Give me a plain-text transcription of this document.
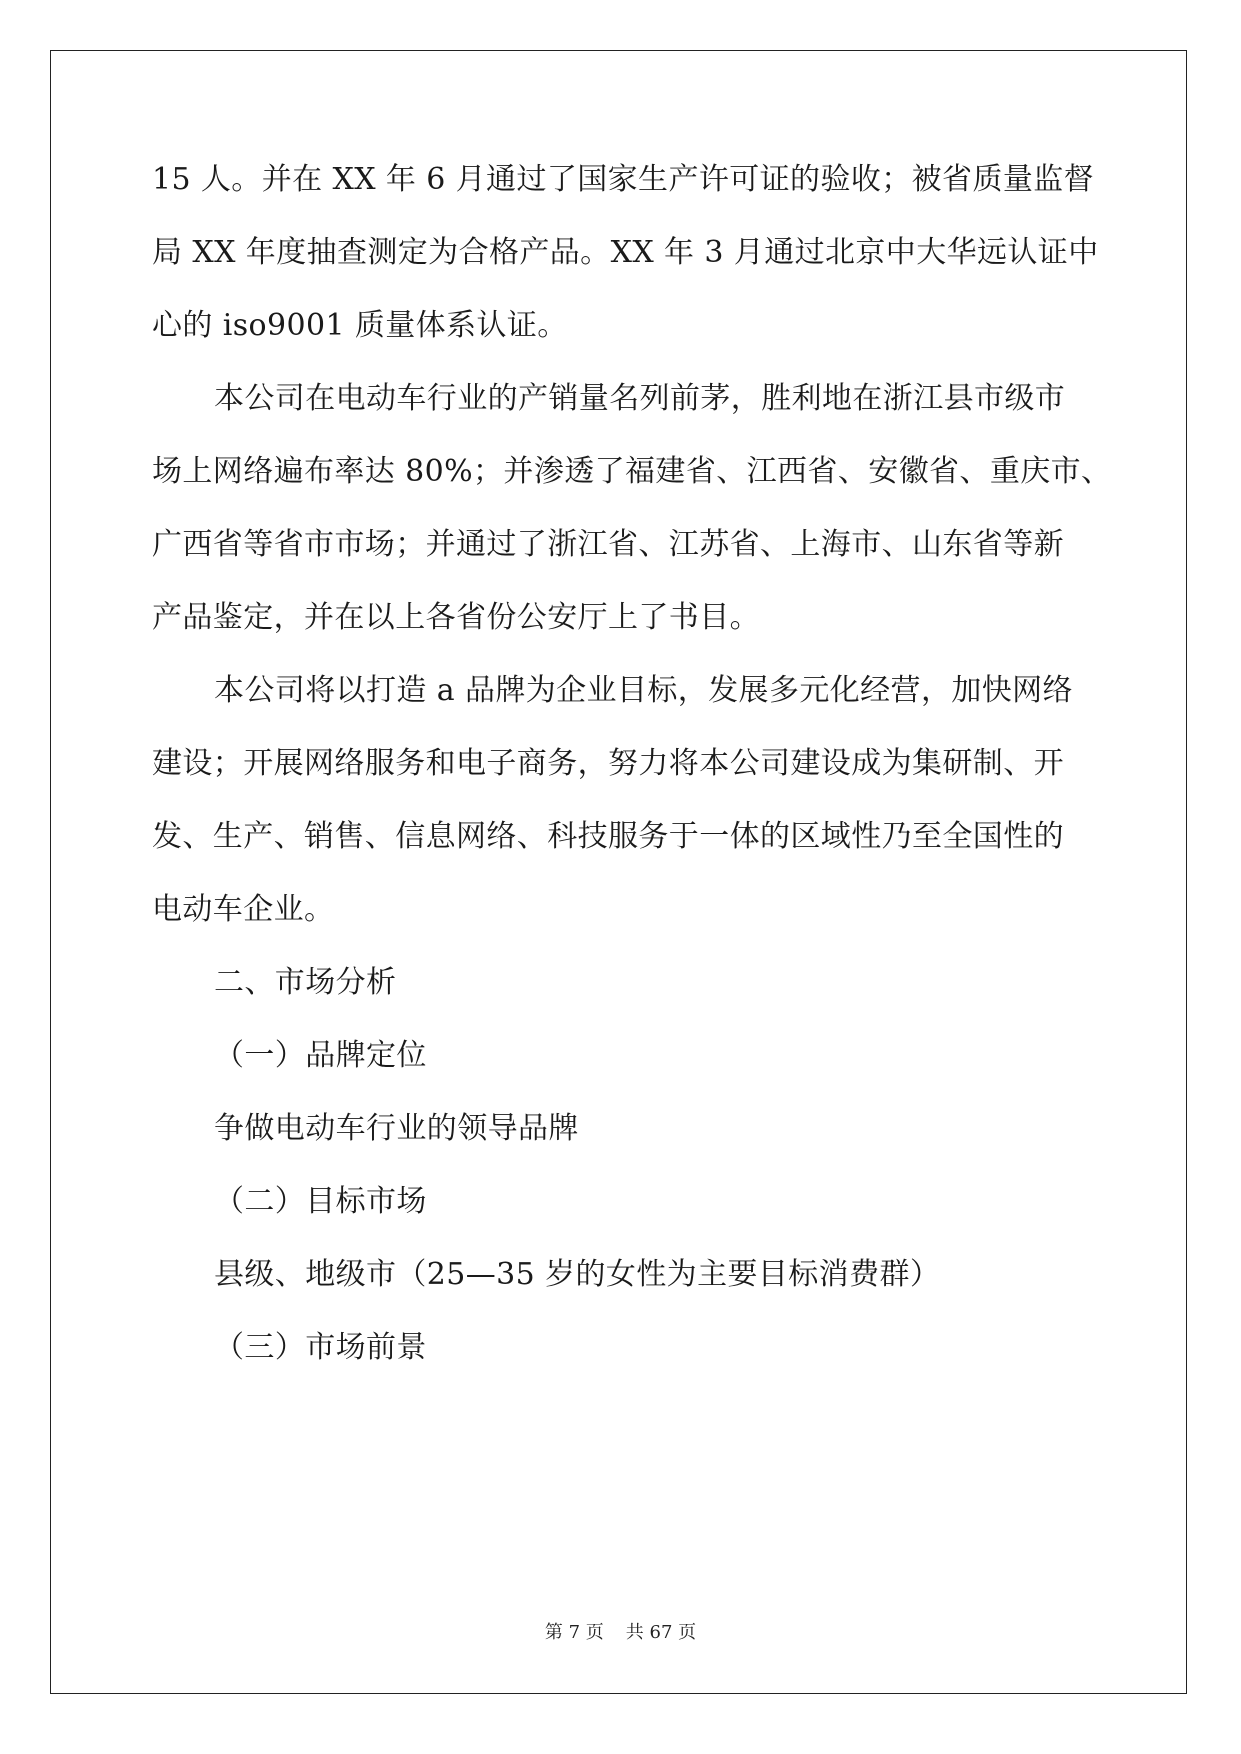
15 人。并在 XX 年 6 月通过了国家生产许可证的验收；被省质量监督
局 XX 年度抽查测定为合格产品。XX 年 3 月通过北京中大华远认证中
心的 iso9001 质量体系认证。
本公司在电动车行业的产销量名列前茅，胜利地在浙江县市级市
场上网络遍布率达 80%；并渗透了福建省、江西省、安徽省、重庆市、
广西省等省市市场；并通过了浙江省、江苏省、上海市、山东省等新
产品鉴定，并在以上各省份公安厅上了书目。
本公司将以打造 a 品牌为企业目标，发展多元化经营，加快网络
建设；开展网络服务和电子商务，努力将本公司建设成为集研制、开
发、生产、销售、信息网络、科技服务于一体的区域性乃至全国性的
电动车企业。
二、市场分析
（一）品牌定位
争做电动车行业的领导品牌
（二）目标市场
县级、地级市（25—35 岁的女性为主要目标消费群）
（三）市场前景
第 7 页 共 67 页
